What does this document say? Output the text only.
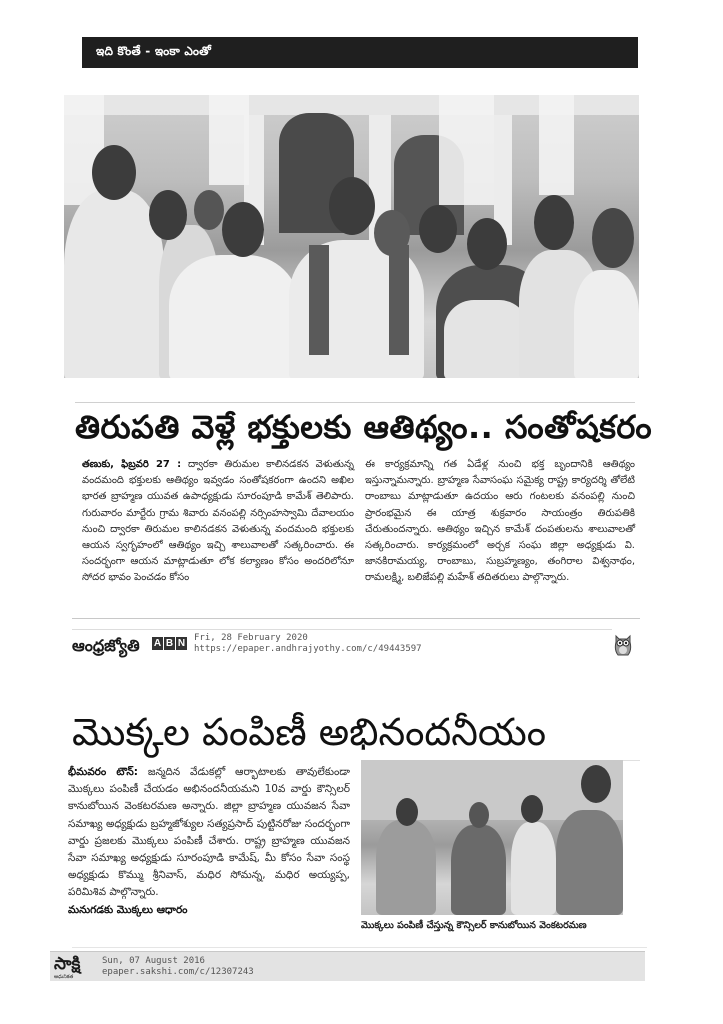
ఇది కొంతే - ఇంకా ఎంతో
తిరుపతి వెళ్లే భక్తులకు ఆతిథ్యం.. సంతోషకరం
తణుకు, ఫిబ్రవరి 27 : ద్వారకా తిరుమల కాలినడకన వెళుతున్న వందమంది భక్తులకు ఆతిథ్యం ఇవ్వడం సంతోషకరంగా ఉందని అఖిల భారత బ్రాహ్మణ యువత ఉపాధ్యక్షుడు సూరంపూడి కామేశ్ తెలిపారు. గురువారం మార్టేరు గ్రామ శివారు వనంపల్లి నర్సింహస్వామి దేవాలయం నుంచి ద్వారకా తిరుమల కాలినడకన వెళుతున్న వందమంది భక్తులకు ఆయన స్వగృహంలో ఆతిథ్యం ఇచ్చి శాలువాలతో సత్కరించారు. ఈ సందర్భంగా ఆయన మాట్లాడుతూ లోక కల్యాణం కోసం అందరిలోనూ సోదర భావం పెంచడం కోసం
ఈ కార్యక్రమాన్ని గత ఏడేళ్ల నుంచి భక్త బృందానికి ఆతిథ్యం ఇస్తున్నామన్నారు. బ్రాహ్మణ సేవాసంఘ సమైక్య రాష్ట్ర కార్యదర్శి తోలేటి రాంబాబు మాట్లాడుతూ ఉదయం ఆరు గంటలకు వనంపల్లి నుంచి ప్రారంభమైన ఈ యాత్ర శుక్రవారం సాయంత్రం తిరుపతికి చేరుతుందన్నారు. ఆతిథ్యం ఇచ్చిన కామేశ్ దంపతులను శాలువాలతో సత్కరించారు. కార్యక్రమంలో అర్చక సంఘ జిల్లా అధ్యక్షుడు వి. జానకిరామయ్య, రాంబాబు, సుబ్రహ్మణ్యం, తంగిరాల విశ్వనాథం, రామలక్ష్మి, బలిజేపల్లి మహేశ్ తదితరులు పాల్గొన్నారు.
ఆంధ్రజ్యోతి A B N Fri, 28 February 2020
https://epaper.andhrajyothy.com/c/49443597
మొక్కల పంపిణీ అభినందనీయం
భీమవరం టౌన్: జన్మదిన వేడుకల్లో ఆర్భాటాలకు తావులేకుండా మొక్కలు పంపిణీ చేయడం అభినందనీయమని 10వ వార్డు కౌన్సిలర్ కానుబోయిన వెంకటరమణ అన్నారు. జిల్లా బ్రాహ్మణ యువజన సేవా సమాఖ్య అధ్యక్షుడు బ్రహ్మజోశ్యుల సత్యప్రసాద్ పుట్టినరోజు సందర్భంగా వార్డు ప్రజలకు మొక్కలు పంపిణీ చేశారు. రాష్ట్ర బ్రాహ్మణ యువజన సేవా సమాఖ్య అధ్యక్షుడు సూరంపూడి కామేష్, మీ కోసం సేవా సంస్థ అధ్యక్షుడు కొమ్ము శ్రీనివాస్, మధిర సోమన్న, మధిర అయ్యప్ప, పరిమిశివ పాల్గొన్నారు.
మనుగడకు మొక్కలు ఆధారం
మొక్కలు పంపిణీ చేస్తున్న కౌన్సిలర్ కానుబోయిన వెంకటరమణ
సాక్షి
ఆధునికత
Sun, 07 August 2016
epaper.sakshi.com/c/12307243
